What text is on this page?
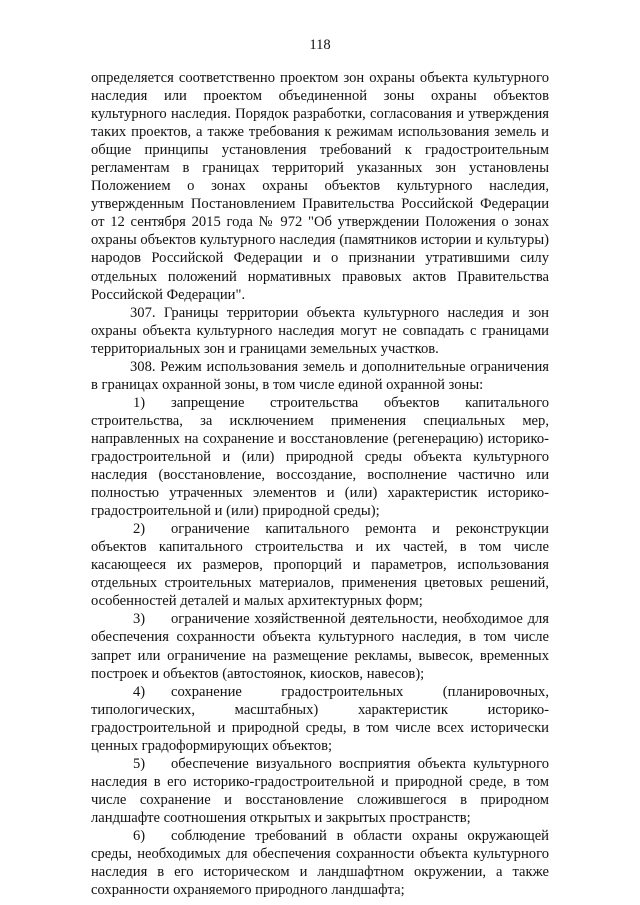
118

определяется соответственно проектом зон охраны объекта культурного наследия или проектом объединенной зоны охраны объектов культурного наследия. Порядок разработки, согласования и утверждения таких проектов, а также требования к режимам использования земель и общие принципы установления требований к градостроительным регламентам в границах территорий указанных зон установлены Положением о зонах охраны объектов культурного наследия, утвержденным Постановлением Правительства Российской Федерации от 12 сентября 2015 года № 972 "Об утверждении Положения о зонах охраны объектов культурного наследия (памятников истории и культуры) народов Российской Федерации и о признании утратившими силу отдельных положений нормативных правовых актов Правительства Российской Федерации".

307. Границы территории объекта культурного наследия и зон охраны объекта культурного наследия могут не совпадать с границами территориальных зон и границами земельных участков.

308. Режим использования земель и дополнительные ограничения в границах охранной зоны, в том числе единой охранной зоны:

1) запрещение строительства объектов капитального строительства, за исключением применения специальных мер, направленных на сохранение и восстановление (регенерацию) историко-градостроительной и (или) природной среды объекта культурного наследия (восстановление, воссоздание, восполнение частично или полностью утраченных элементов и (или) характеристик историко-градостроительной и (или) природной среды);

2) ограничение капитального ремонта и реконструкции объектов капитального строительства и их частей, в том числе касающееся их размеров, пропорций и параметров, использования отдельных строительных материалов, применения цветовых решений, особенностей деталей и малых архитектурных форм;

3) ограничение хозяйственной деятельности, необходимое для обеспечения сохранности объекта культурного наследия, в том числе запрет или ограничение на размещение рекламы, вывесок, временных построек и объектов (автостоянок, киосков, навесов);

4) сохранение градостроительных (планировочных, типологических, масштабных) характеристик историко-градостроительной и природной среды, в том числе всех исторически ценных градоформирующих объектов;

5) обеспечение визуального восприятия объекта культурного наследия в его историко-градостроительной и природной среде, в том числе сохранение и восстановление сложившегося в природном ландшафте соотношения открытых и закрытых пространств;

6) соблюдение требований в области охраны окружающей среды, необходимых для обеспечения сохранности объекта культурного наследия в его историческом и ландшафтном окружении, а также сохранности охраняемого природного ландшафта;
